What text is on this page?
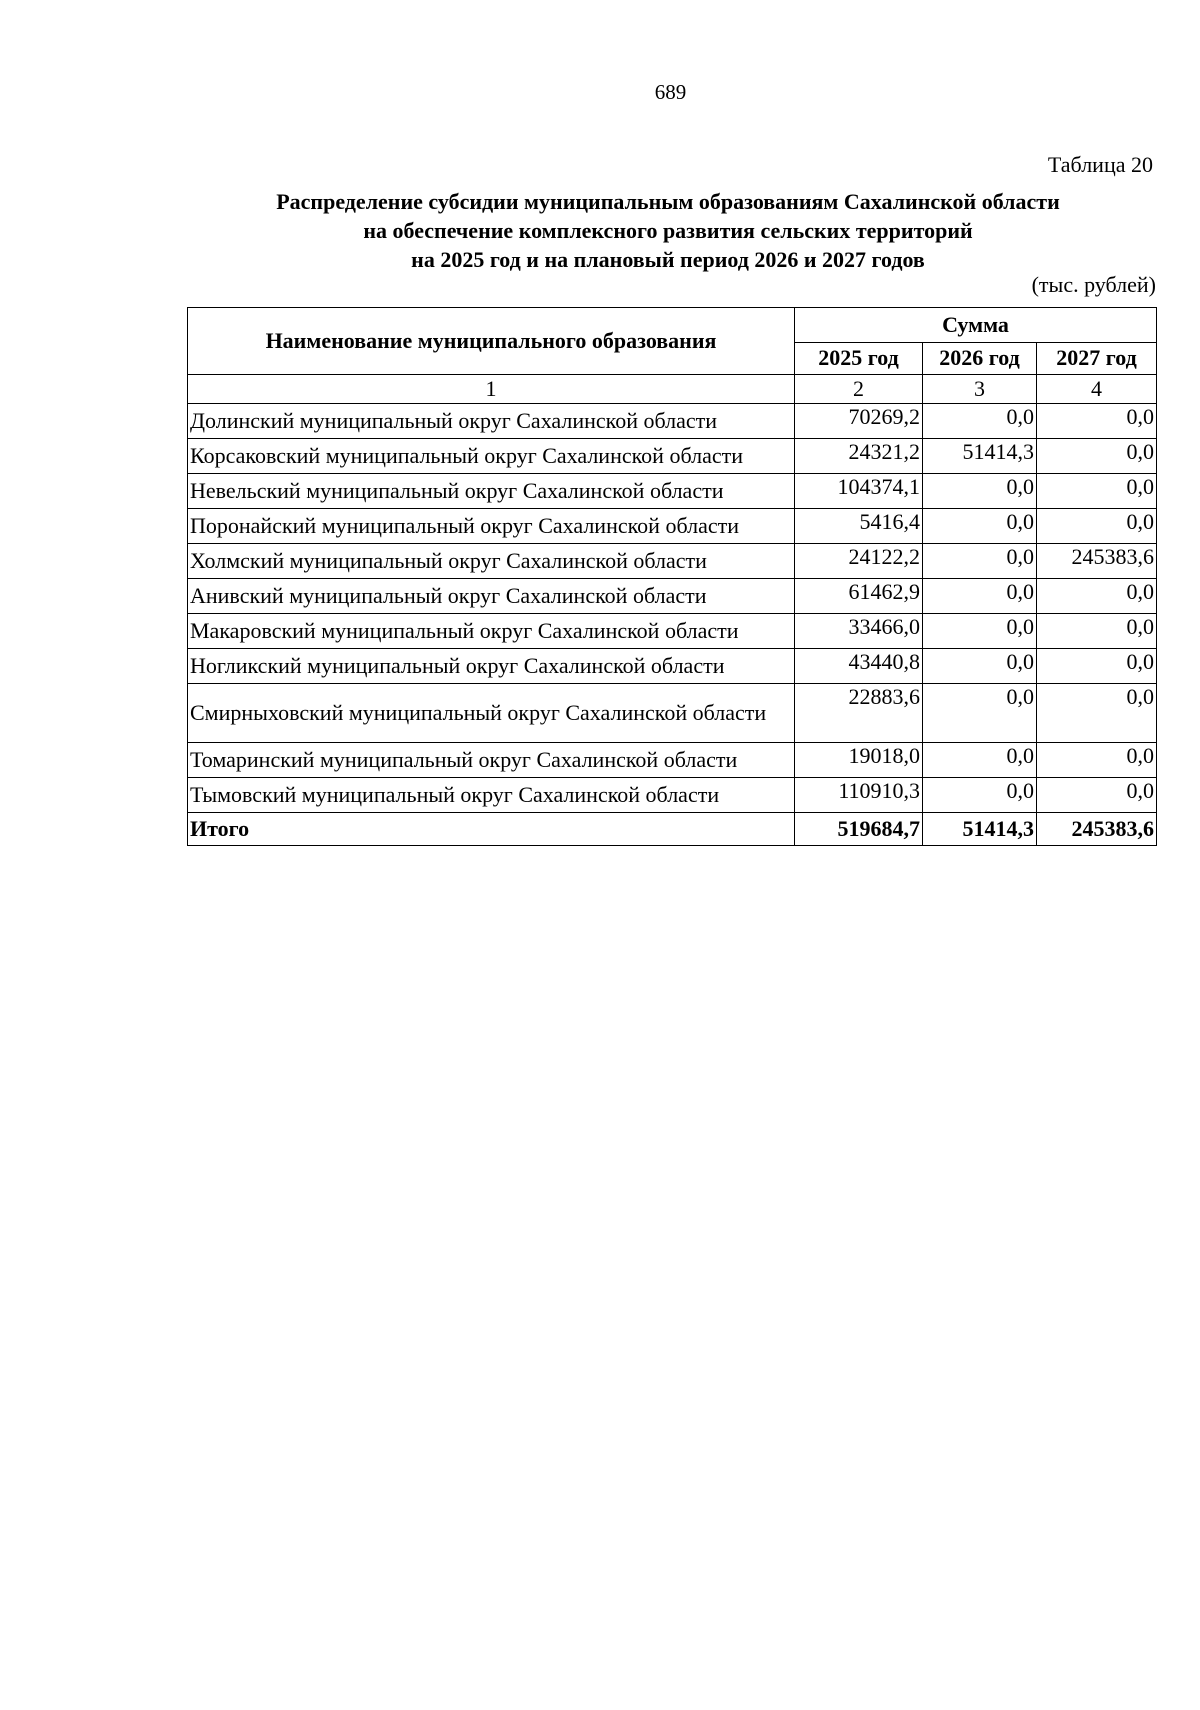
689
Таблица 20
Распределение субсидии муниципальным образованиям Сахалинской области
на обеспечение комплексного развития сельских территорий
на 2025 год и на плановый период 2026 и 2027 годов
(тыс. рублей)
Наименование муниципального образования	Сумма		
	2025 год	2026 год	2027 год
1	2	3	4
Долинский муниципальный округ Сахалинской области	70269,2	0,0	0,0
Корсаковский муниципальный округ Сахалинской области	24321,2	51414,3	0,0
Невельский муниципальный округ Сахалинской области	104374,1	0,0	0,0
Поронайский муниципальный округ Сахалинской области	5416,4	0,0	0,0
Холмский муниципальный округ Сахалинской области	24122,2	0,0	245383,6
Анивский муниципальный округ Сахалинской области	61462,9	0,0	0,0
Макаровский муниципальный округ Сахалинской области	33466,0	0,0	0,0
Ногликский муниципальный округ Сахалинской области	43440,8	0,0	0,0
Смирныховский муниципальный округ Сахалинской области	22883,6	0,0	0,0
Томаринский муниципальный округ Сахалинской области	19018,0	0,0	0,0
Тымовский муниципальный округ Сахалинской области	110910,3	0,0	0,0
Итого	519684,7	51414,3	245383,6
